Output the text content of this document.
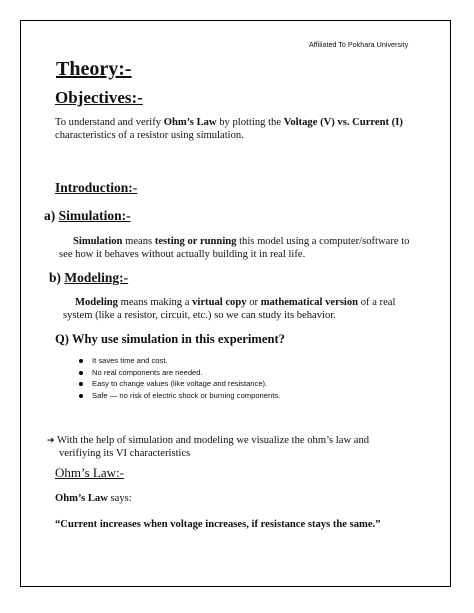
Affiliated To Pokhara University
Theory:-
Objectives:-
To understand and verify Ohm’s Law by plotting the Voltage (V) vs. Current (I)
characteristics of a resistor using simulation.
Introduction:-
a) Simulation:-
Simulation means testing or running this model using a computer/software to
see how it behaves without actually building it in real life.
b) Modeling:-
Modeling means making a virtual copy or mathematical version of a real
system (like a resistor, circuit, etc.) so we can study its behavior.
Q) Why use simulation in this experiment?
It saves time and cost.
No real components are needed.
Easy to change values (like voltage and resistance).
Safe — no risk of electric shock or burning components.
➔ With the help of simulation and modeling we visualize the ohm’s law and
verifiying its VI characteristics
Ohm’s Law:-
Ohm’s Law says:
“Current increases when voltage increases, if resistance stays the same.”
